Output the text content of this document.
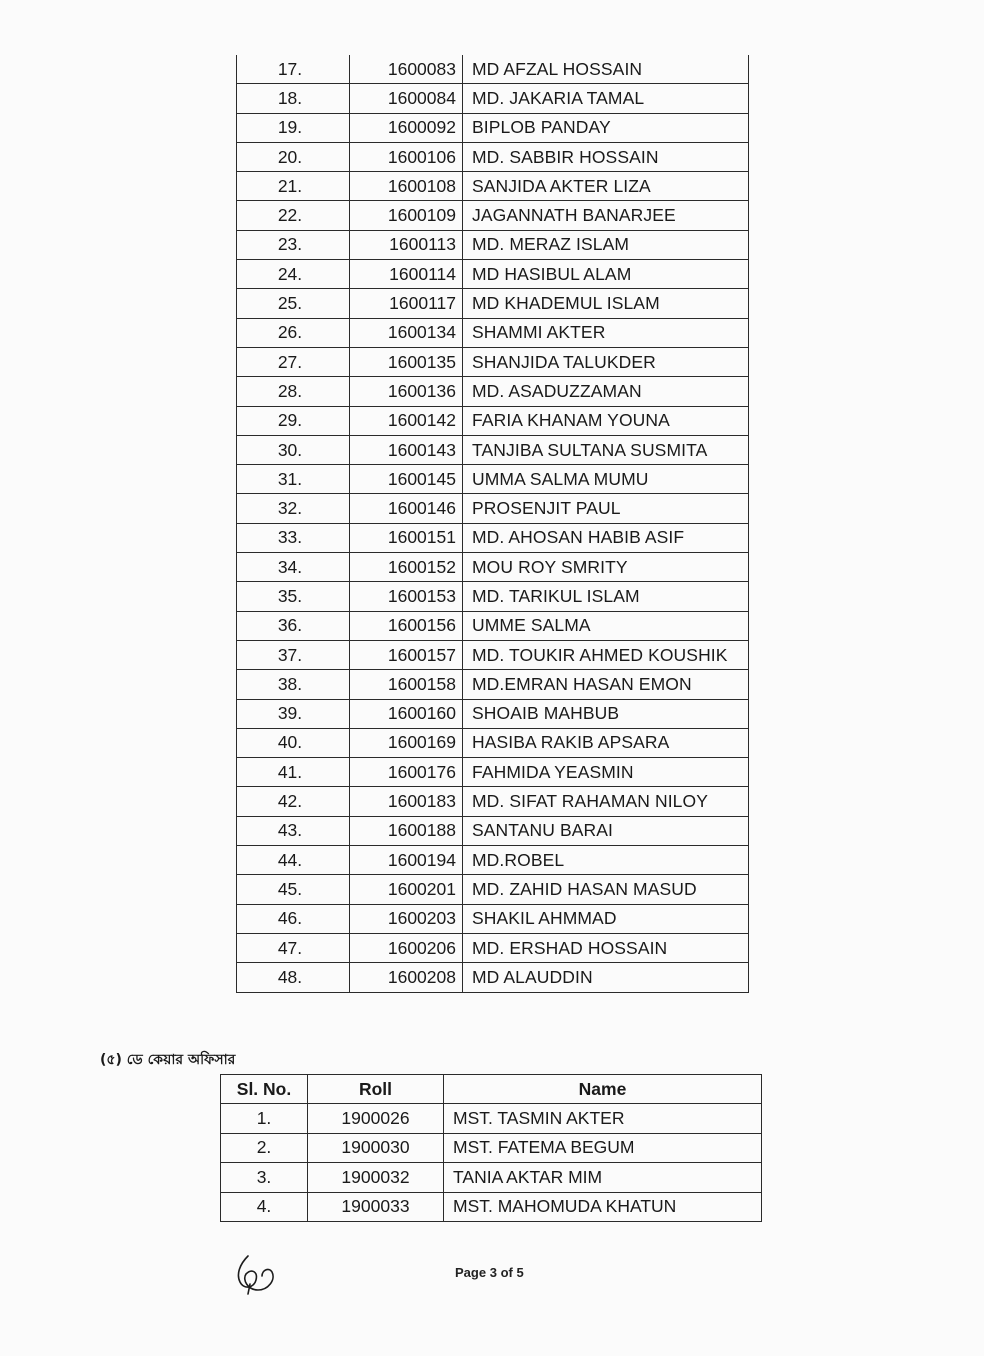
17.	1600083	MD AFZAL HOSSAIN
18.	1600084	MD. JAKARIA TAMAL
19.	1600092	BIPLOB PANDAY
20.	1600106	MD. SABBIR HOSSAIN
21.	1600108	SANJIDA AKTER LIZA
22.	1600109	JAGANNATH BANARJEE
23.	1600113	MD. MERAZ ISLAM
24.	1600114	MD HASIBUL ALAM
25.	1600117	MD KHADEMUL ISLAM
26.	1600134	SHAMMI AKTER
27.	1600135	SHANJIDA TALUKDER
28.	1600136	MD. ASADUZZAMAN
29.	1600142	FARIA KHANAM YOUNA
30.	1600143	TANJIBA SULTANA SUSMITA
31.	1600145	UMMA SALMA MUMU
32.	1600146	PROSENJIT PAUL
33.	1600151	MD. AHOSAN HABIB ASIF
34.	1600152	MOU ROY SMRITY
35.	1600153	MD. TARIKUL ISLAM
36.	1600156	UMME SALMA
37.	1600157	MD. TOUKIR AHMED KOUSHIK
38.	1600158	MD.EMRAN HASAN EMON
39.	1600160	SHOAIB MAHBUB
40.	1600169	HASIBA RAKIB APSARA
41.	1600176	FAHMIDA YEASMIN
42.	1600183	MD. SIFAT RAHAMAN NILOY
43.	1600188	SANTANU BARAI
44.	1600194	MD.ROBEL
45.	1600201	MD. ZAHID HASAN MASUD
46.	1600203	SHAKIL AHMMAD
47.	1600206	MD. ERSHAD HOSSAIN
48.	1600208	MD ALAUDDIN
(৫) ডে কেয়ার অফিসার
Sl. No.	Roll	Name
1.	1900026	MST. TASMIN AKTER
2.	1900030	MST. FATEMA BEGUM
3.	1900032	TANIA AKTAR MIM
4.	1900033	MST. MAHOMUDA KHATUN
Page 3 of 5
